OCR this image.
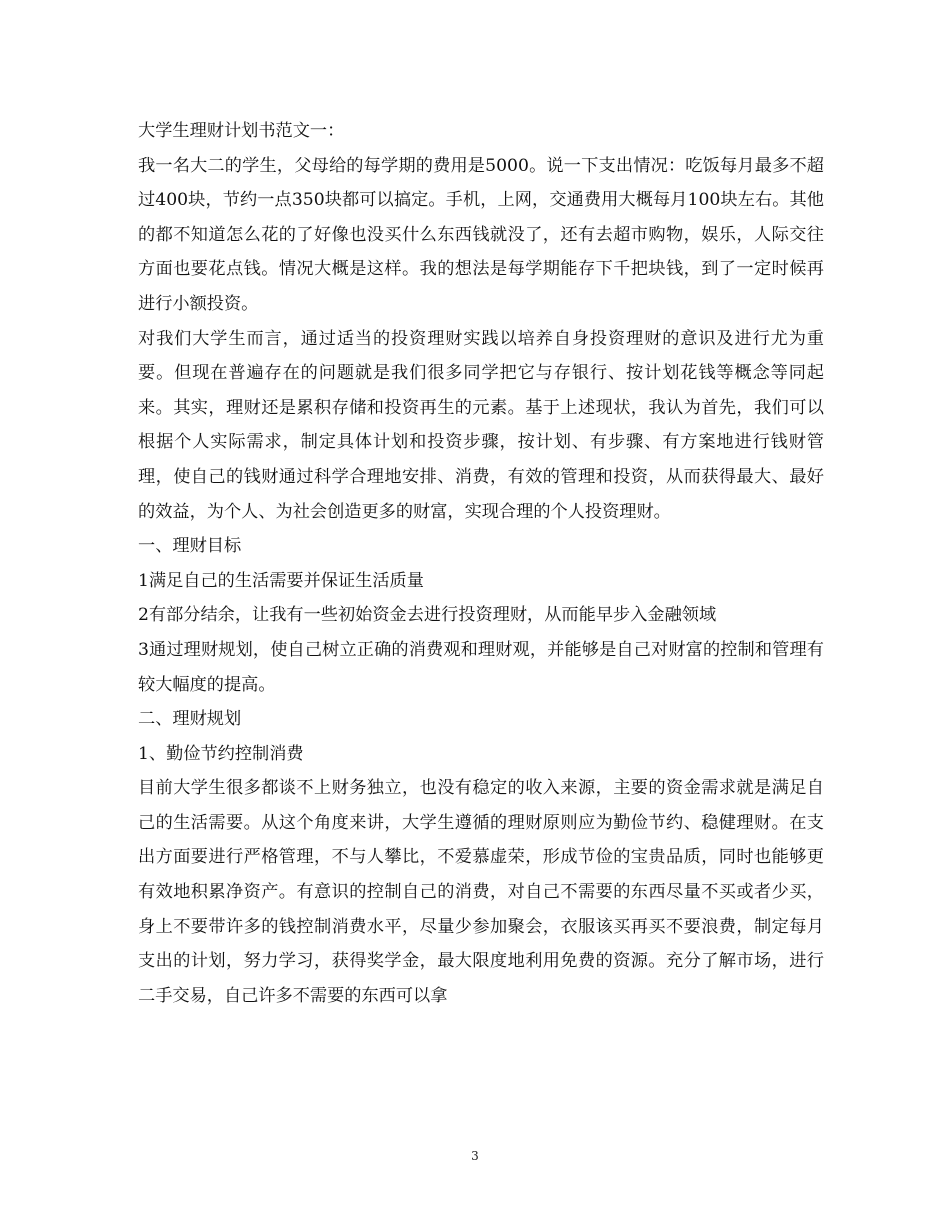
大学生理财计划书范文一：

我一名大二的学生，父母给的每学期的费用是5000。说一下支出情况：吃饭每月最多不超过400块，节约一点350块都可以搞定。手机，上网，交通费用大概每月100块左右。其他的都不知道怎么花的了好像也没买什么东西钱就没了，还有去超市购物，娱乐，人际交往方面也要花点钱。情况大概是这样。我的想法是每学期能存下千把块钱，到了一定时候再进行小额投资。

对我们大学生而言，通过适当的投资理财实践以培养自身投资理财的意识及进行尤为重要。但现在普遍存在的问题就是我们很多同学把它与存银行、按计划花钱等概念等同起来。其实，理财还是累积存储和投资再生的元素。基于上述现状，我认为首先，我们可以根据个人实际需求，制定具体计划和投资步骤，按计划、有步骤、有方案地进行钱财管理，使自己的钱财通过科学合理地安排、消费，有效的管理和投资，从而获得最大、最好的效益，为个人、为社会创造更多的财富，实现合理的个人投资理财。

一、理财目标

1满足自己的生活需要并保证生活质量

2有部分结余，让我有一些初始资金去进行投资理财，从而能早步入金融领域

3通过理财规划，使自己树立正确的消费观和理财观，并能够是自己对财富的控制和管理有较大幅度的提高。

二、理财规划

1、勤俭节约控制消费

目前大学生很多都谈不上财务独立，也没有稳定的收入来源，主要的资金需求就是满足自己的生活需要。从这个角度来讲，大学生遵循的理财原则应为勤俭节约、稳健理财。在支出方面要进行严格管理，不与人攀比，不爱慕虚荣，形成节俭的宝贵品质，同时也能够更有效地积累净资产。有意识的控制自己的消费，对自己不需要的东西尽量不买或者少买，身上不要带许多的钱控制消费水平，尽量少参加聚会，衣服该买再买不要浪费，制定每月支出的计划，努力学习，获得奖学金，最大限度地利用免费的资源。充分了解市场，进行二手交易，自己许多不需要的东西可以拿

3
